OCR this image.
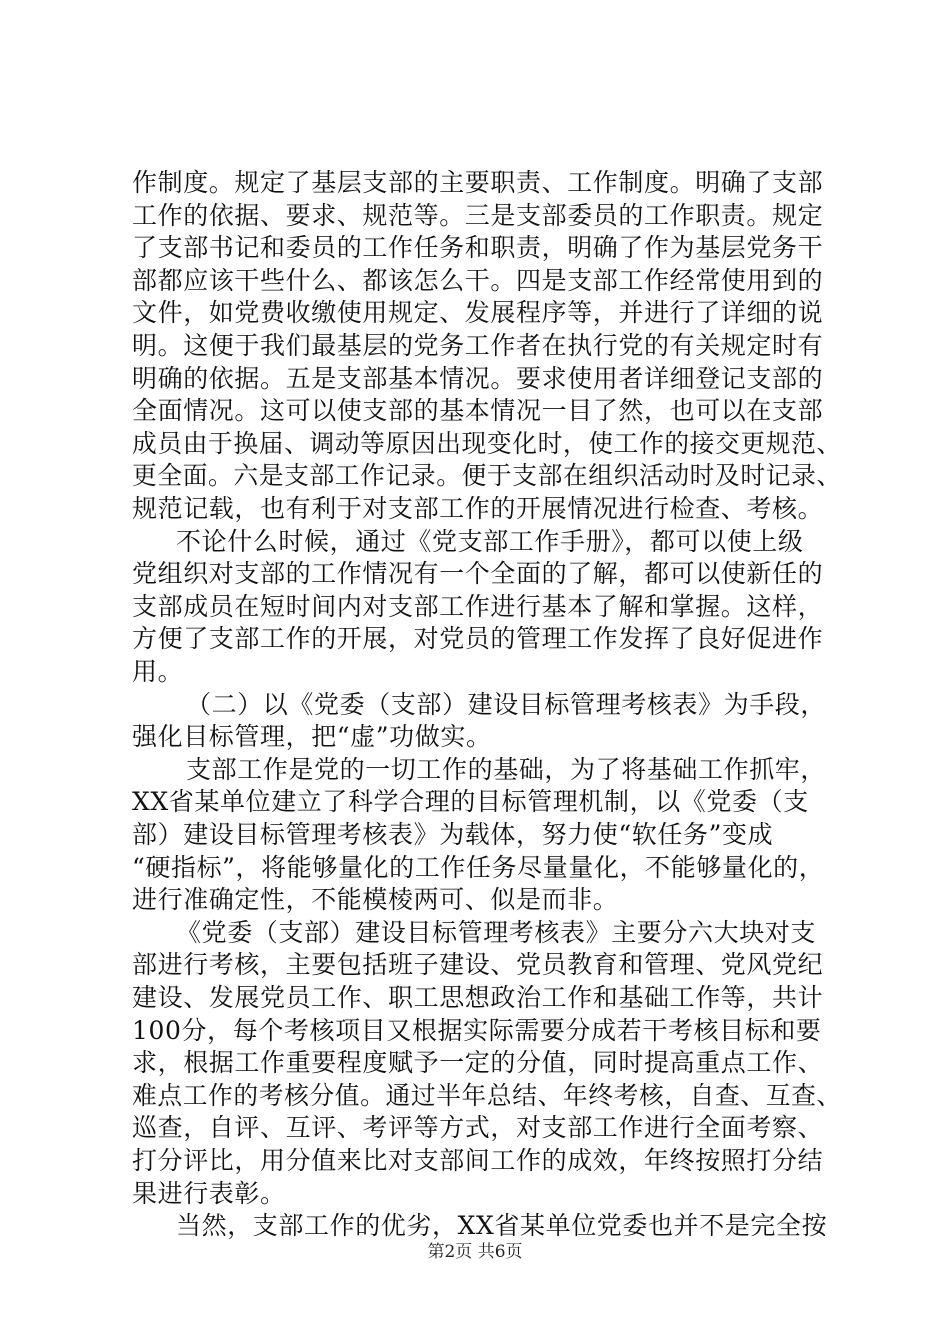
作制度。规定了基层支部的主要职责、工作制度。明确了支部
工作的依据、要求、规范等。三是支部委员的工作职责。规定
了支部书记和委员的工作任务和职责，明确了作为基层党务干
部都应该干些什么、都该怎么干。四是支部工作经常使用到的
文件，如党费收缴使用规定、发展程序等，并进行了详细的说
明。这便于我们最基层的党务工作者在执行党的有关规定时有
明确的依据。五是支部基本情况。要求使用者详细登记支部的
全面情况。这可以使支部的基本情况一目了然，也可以在支部
成员由于换届、调动等原因出现变化时，使工作的接交更规范、
更全面。六是支部工作记录。便于支部在组织活动时及时记录、
规范记载，也有利于对支部工作的开展情况进行检查、考核。
不论什么时候，通过《党支部工作手册》，都可以使上级
党组织对支部的工作情况有一个全面的了解，都可以使新任的
支部成员在短时间内对支部工作进行基本了解和掌握。这样，
方便了支部工作的开展，对党员的管理工作发挥了良好促进作
用。
（二）以《党委（支部）建设目标管理考核表》为手段，
强化目标管理，把“虚”功做实。
支部工作是党的一切工作的基础，为了将基础工作抓牢，
XX省某单位建立了科学合理的目标管理机制，以《党委（支
部）建设目标管理考核表》为载体，努力使“软任务”变成
“硬指标”，将能够量化的工作任务尽量量化，不能够量化的，
进行准确定性，不能模棱两可、似是而非。
《党委（支部）建设目标管理考核表》主要分六大块对支
部进行考核，主要包括班子建设、党员教育和管理、党风党纪
建设、发展党员工作、职工思想政治工作和基础工作等，共计
100分，每个考核项目又根据实际需要分成若干考核目标和要
求，根据工作重要程度赋予一定的分值，同时提高重点工作、
难点工作的考核分值。通过半年总结、年终考核，自查、互查、
巡查，自评、互评、考评等方式，对支部工作进行全面考察、
打分评比，用分值来比对支部间工作的成效，年终按照打分结
果进行表彰。
第2页 共6页
当然，支部工作的优劣，XX省某单位党委也并不是完全按
